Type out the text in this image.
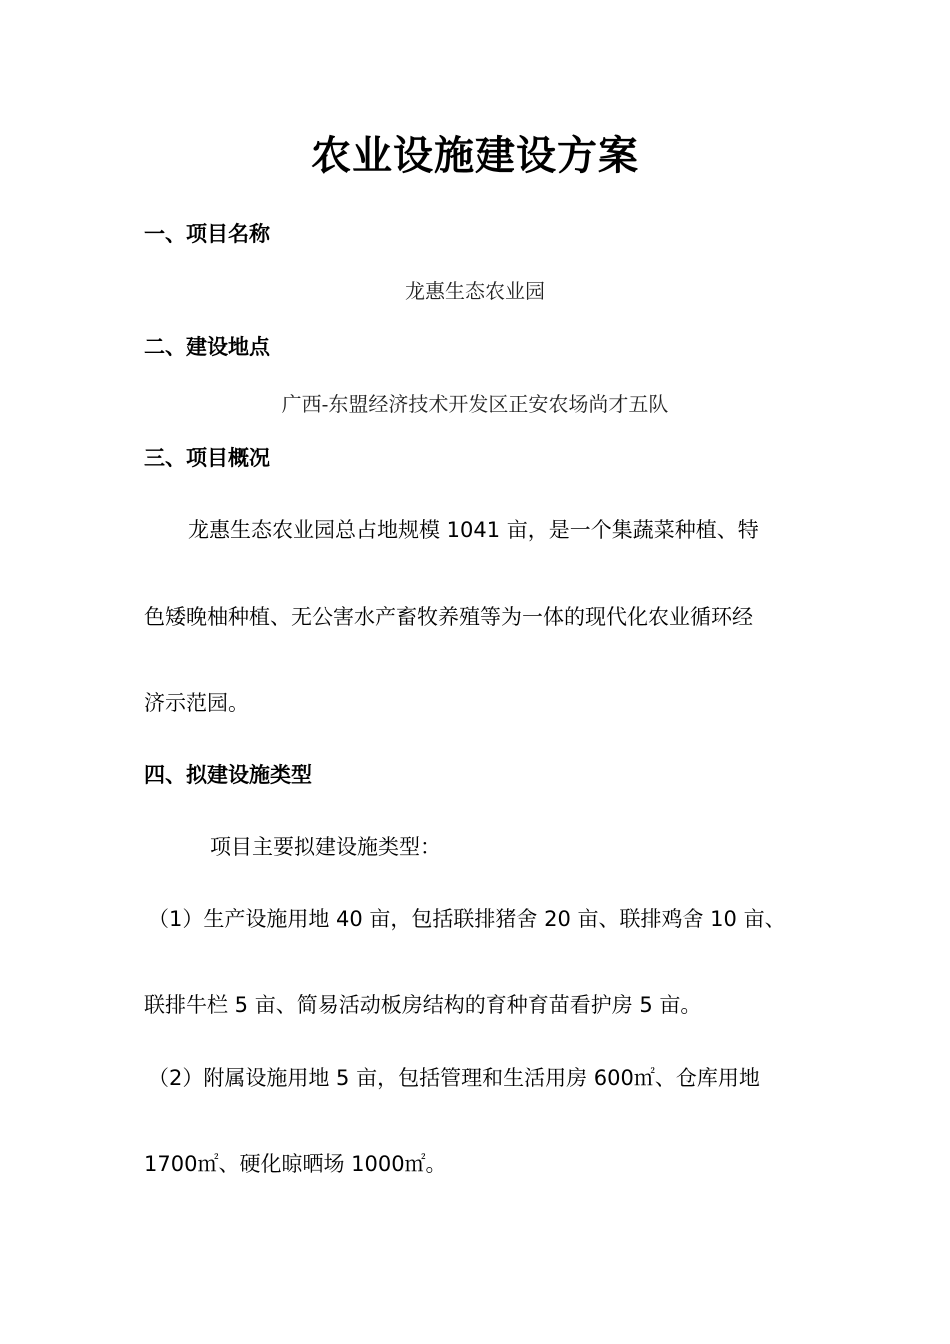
农业设施建设方案
一、项目名称
龙惠生态农业园
二、建设地点
广西-东盟经济技术开发区正安农场尚才五队
三、项目概况
龙惠生态农业园总占地规模 1041 亩，是一个集蔬菜种植、特
色矮晚柚种植、无公害水产畜牧养殖等为一体的现代化农业循环经
济示范园。
四、拟建设施类型
项目主要拟建设施类型：
（1）生产设施用地 40 亩，包括联排猪舍 20 亩、联排鸡舍 10 亩、
联排牛栏 5 亩、简易活动板房结构的育种育苗看护房 5 亩。
（2）附属设施用地 5 亩，包括管理和生活用房 600㎡、仓库用地
1700㎡、硬化晾晒场 1000㎡。
